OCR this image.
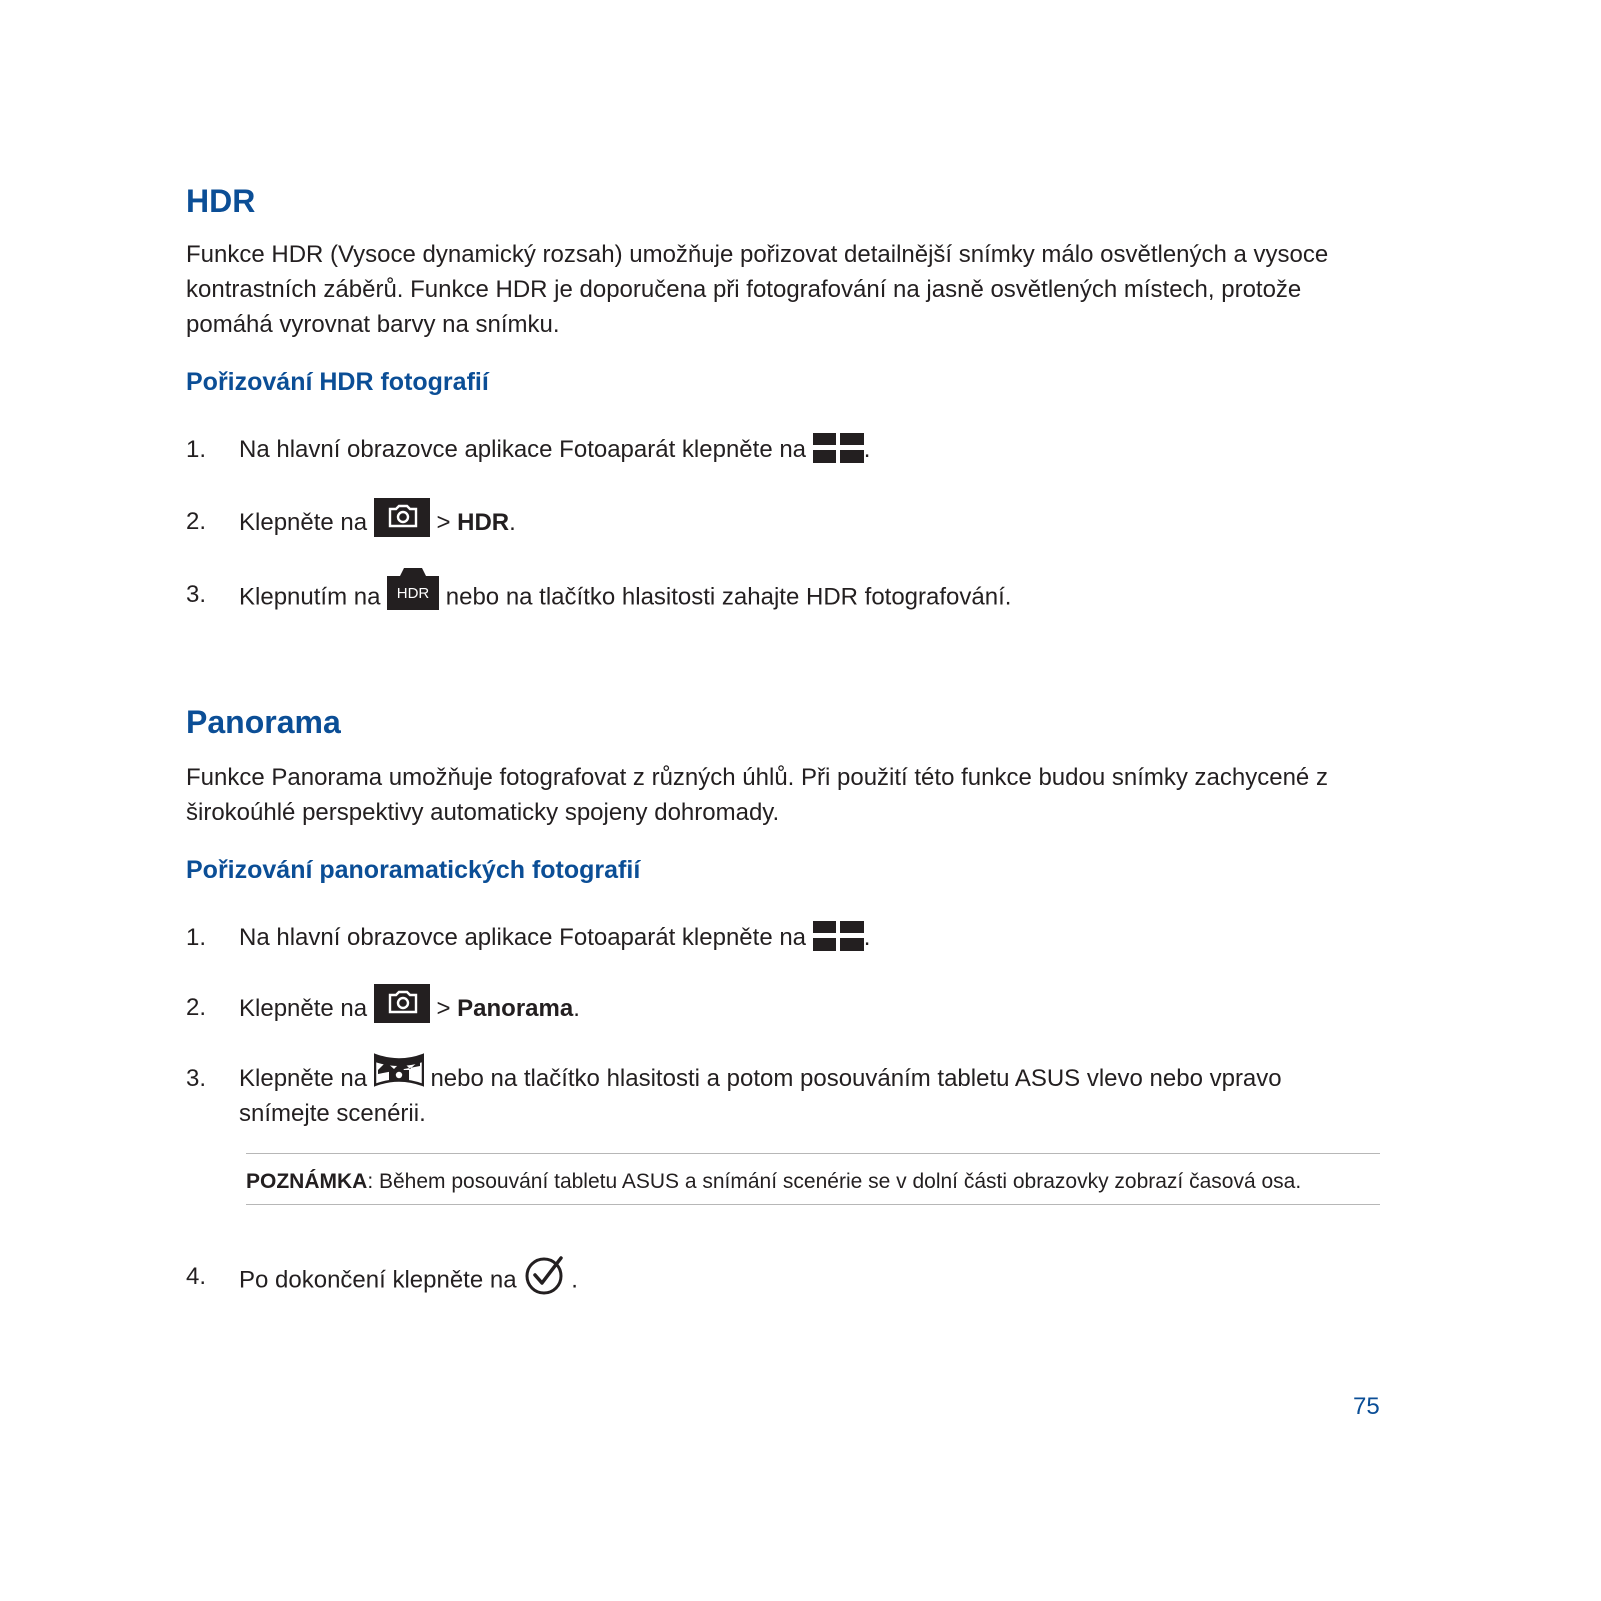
HDR
Funkce HDR (Vysoce dynamický rozsah) umožňuje pořizovat detailnější snímky málo osvětlených a vysoce
kontrastních záběrů. Funkce HDR je doporučena při fotografování na jasně osvětlených místech, protože
pomáhá vyrovnat barvy na snímku.
Pořizování HDR fotografií
1. Na hlavní obrazovce aplikace Fotoaparát klepněte na
.
2. Klepněte na
> HDR.
3. Klepnutím na HDR nebo na tlačítko hlasitosti zahajte HDR fotografování.
Panorama
Funkce Panorama umožňuje fotografovat z různých úhlů. Při použití této funkce budou snímky zachycené z
širokoúhlé perspektivy automaticky spojeny dohromady.
Pořizování panoramatických fotografií
1. Na hlavní obrazovce aplikace Fotoaparát klepněte na
.
2. Klepněte na
> Panorama.
3. Klepněte na
nebo na tlačítko hlasitosti a potom posouváním tabletu ASUS vlevo nebo vpravo
snímejte scenérii.
POZNÁMKA: Během posouvání tabletu ASUS a snímání scenérie se v dolní části obrazovky zobrazí časová osa.
4. Po dokončení klepněte na
.
75
